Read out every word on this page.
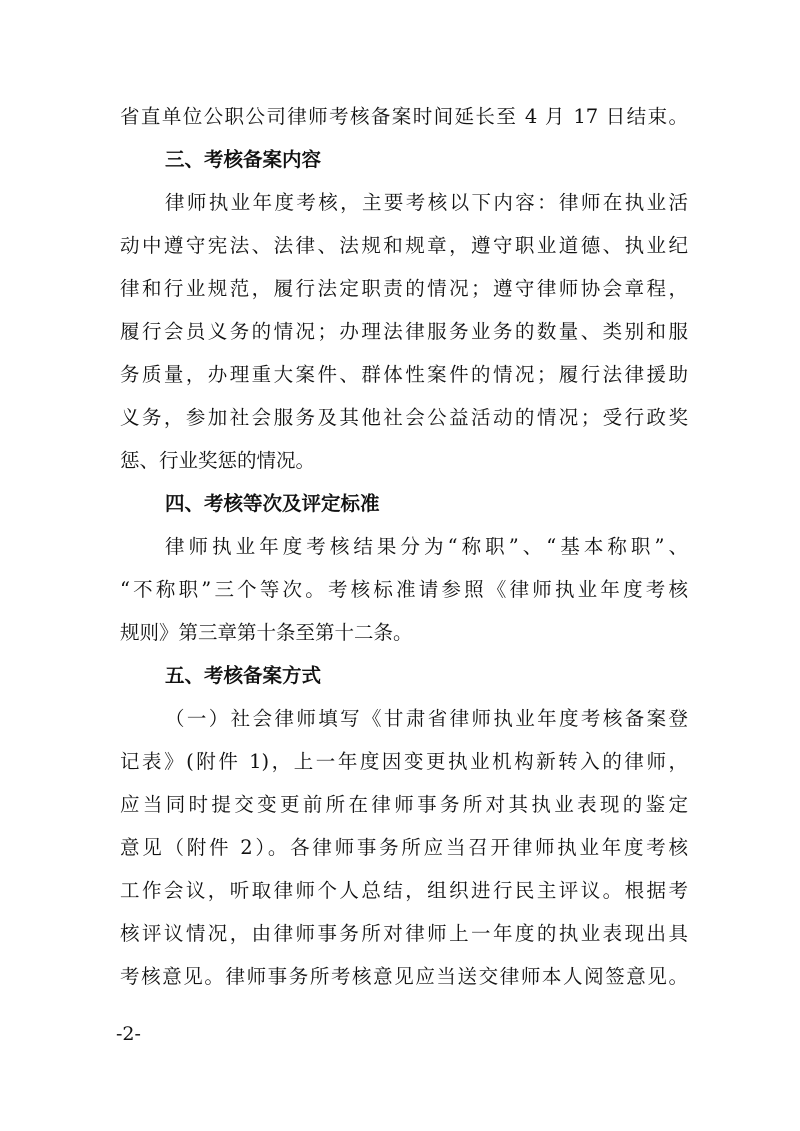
省直单位公职公司律师考核备案时间延长至 4 月 17 日结束。
三、考核备案内容
律师执业年度考核，主要考核以下内容：律师在执业活
动中遵守宪法、法律、法规和规章，遵守职业道德、执业纪
律和行业规范，履行法定职责的情况；遵守律师协会章程，
履行会员义务的情况；办理法律服务业务的数量、类别和服
务质量，办理重大案件、群体性案件的情况；履行法律援助
义务，参加社会服务及其他社会公益活动的情况；受行政奖
惩、行业奖惩的情况。
四、考核等次及评定标准
律师执业年度考核结果分为“称职”、“基本称职”、
“不称职”三个等次。考核标准请参照《律师执业年度考核
规则》第三章第十条至第十二条。
五、考核备案方式
（一）社会律师填写《甘肃省律师执业年度考核备案登
记表》(附件 1)，上一年度因变更执业机构新转入的律师，
应当同时提交变更前所在律师事务所对其执业表现的鉴定
意见（附件 2）。各律师事务所应当召开律师执业年度考核
工作会议，听取律师个人总结，组织进行民主评议。根据考
核评议情况，由律师事务所对律师上一年度的执业表现出具
考核意见。律师事务所考核意见应当送交律师本人阅签意见。
-2-
